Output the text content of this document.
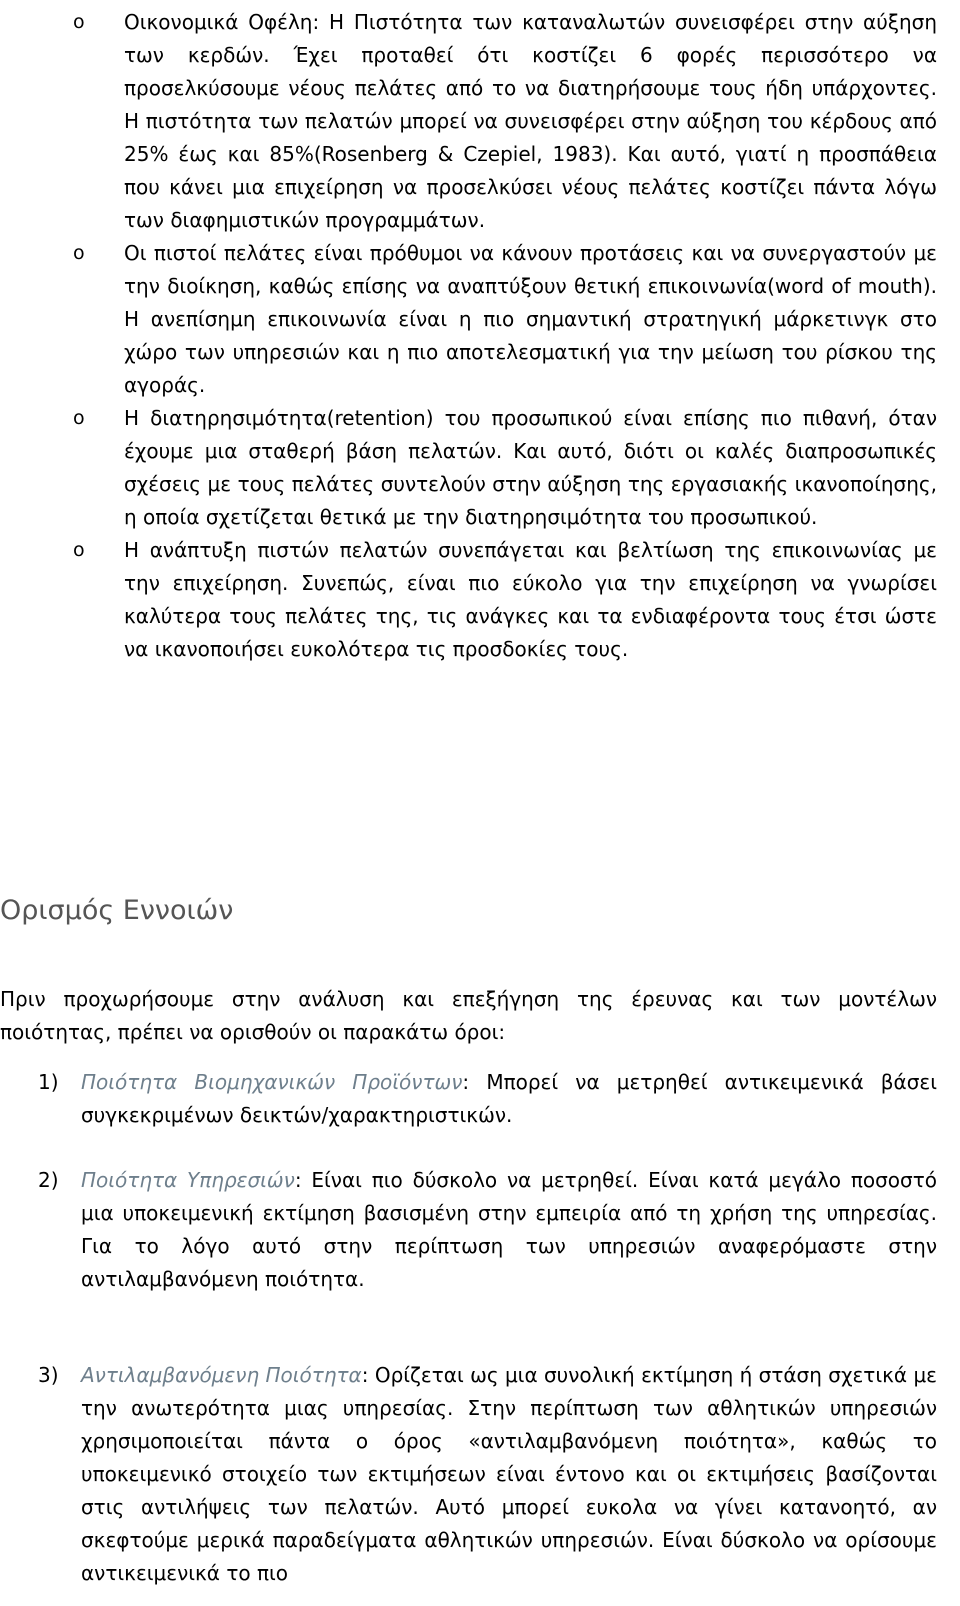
o Οικονομικά Οφέλη: Η Πιστότητα των καταναλωτών συνεισφέρει στην αύξηση των κερδών. Έχει προταθεί ότι κοστίζει 6 φορές περισσότερο να προσελκύσουμε νέους πελάτες από το να διατηρήσουμε τους ήδη υπάρχοντες. Η πιστότητα των πελατών μπορεί να συνεισφέρει στην αύξηση του κέρδους από 25% έως και 85%(Rosenberg & Czepiel, 1983). Και αυτό, γιατί η προσπάθεια που κάνει μια επιχείρηση να προσελκύσει νέους πελάτες κοστίζει πάντα λόγω των διαφημιστικών προγραμμάτων.
o Οι πιστοί πελάτες είναι πρόθυμοι να κάνουν προτάσεις και να συνεργαστούν με την διοίκηση, καθώς επίσης να αναπτύξουν θετική επικοινωνία(word of mouth). Η ανεπίσημη επικοινωνία είναι η πιο σημαντική στρατηγική μάρκετινγκ στο χώρο των υπηρεσιών και η πιο αποτελεσματική για την μείωση του ρίσκου της αγοράς.
o Η διατηρησιμότητα(retention) του προσωπικού είναι επίσης πιο πιθανή, όταν έχουμε μια σταθερή βάση πελατών. Και αυτό, διότι οι καλές διαπροσωπικές σχέσεις με τους πελάτες συντελούν στην αύξηση της εργασιακής ικανοποίησης, η οποία σχετίζεται θετικά με την διατηρησιμότητα του προσωπικού.
o Η ανάπτυξη πιστών πελατών συνεπάγεται και βελτίωση της επικοινωνίας με την επιχείρηση. Συνεπώς, είναι πιο εύκολο για την επιχείρηση να γνωρίσει καλύτερα τους πελάτες της, τις ανάγκες και τα ενδιαφέροντα τους έτσι ώστε να ικανοποιήσει ευκολότερα τις προσδοκίες τους.
Ορισμός Εννοιών

Πριν προχωρήσουμε στην ανάλυση και επεξήγηση της έρευνας και των μοντέλων ποιότητας, πρέπει να ορισθούν οι παρακάτω όροι:

1)	Ποιότητα Βιομηχανικών Προϊόντων: Μπορεί να μετρηθεί αντικειμενικά βάσει συγκεκριμένων δεικτών/χαρακτηριστικών.

2)	Ποιότητα Υπηρεσιών: Είναι πιο δύσκολο να μετρηθεί. Είναι κατά μεγάλο ποσοστό μια υποκειμενική εκτίμηση βασισμένη στην εμπειρία από τη χρήση της υπηρεσίας. Για το λόγο αυτό στην περίπτωση των υπηρεσιών αναφερόμαστε στην αντιλαμβανόμενη ποιότητα.

3)	Αντιλαμβανόμενη Ποιότητα: Ορίζεται ως μια συνολική εκτίμηση ή στάση σχετικά με την ανωτερότητα μιας υπηρεσίας. Στην περίπτωση των αθλητικών υπηρεσιών χρησιμοποιείται πάντα ο όρος «αντιλαμβανόμενη ποιότητα», καθώς το υποκειμενικό στοιχείο των εκτιμήσεων είναι έντονο και οι εκτιμήσεις βασίζονται στις αντιλήψεις των πελατών. Αυτό μπορεί ευκολα να γίνει κατανοητό, αν σκεφτούμε μερικά παραδείγματα αθλητικών υπηρεσιών. Είναι δύσκολο να ορίσουμε αντικειμενικά το πιο
